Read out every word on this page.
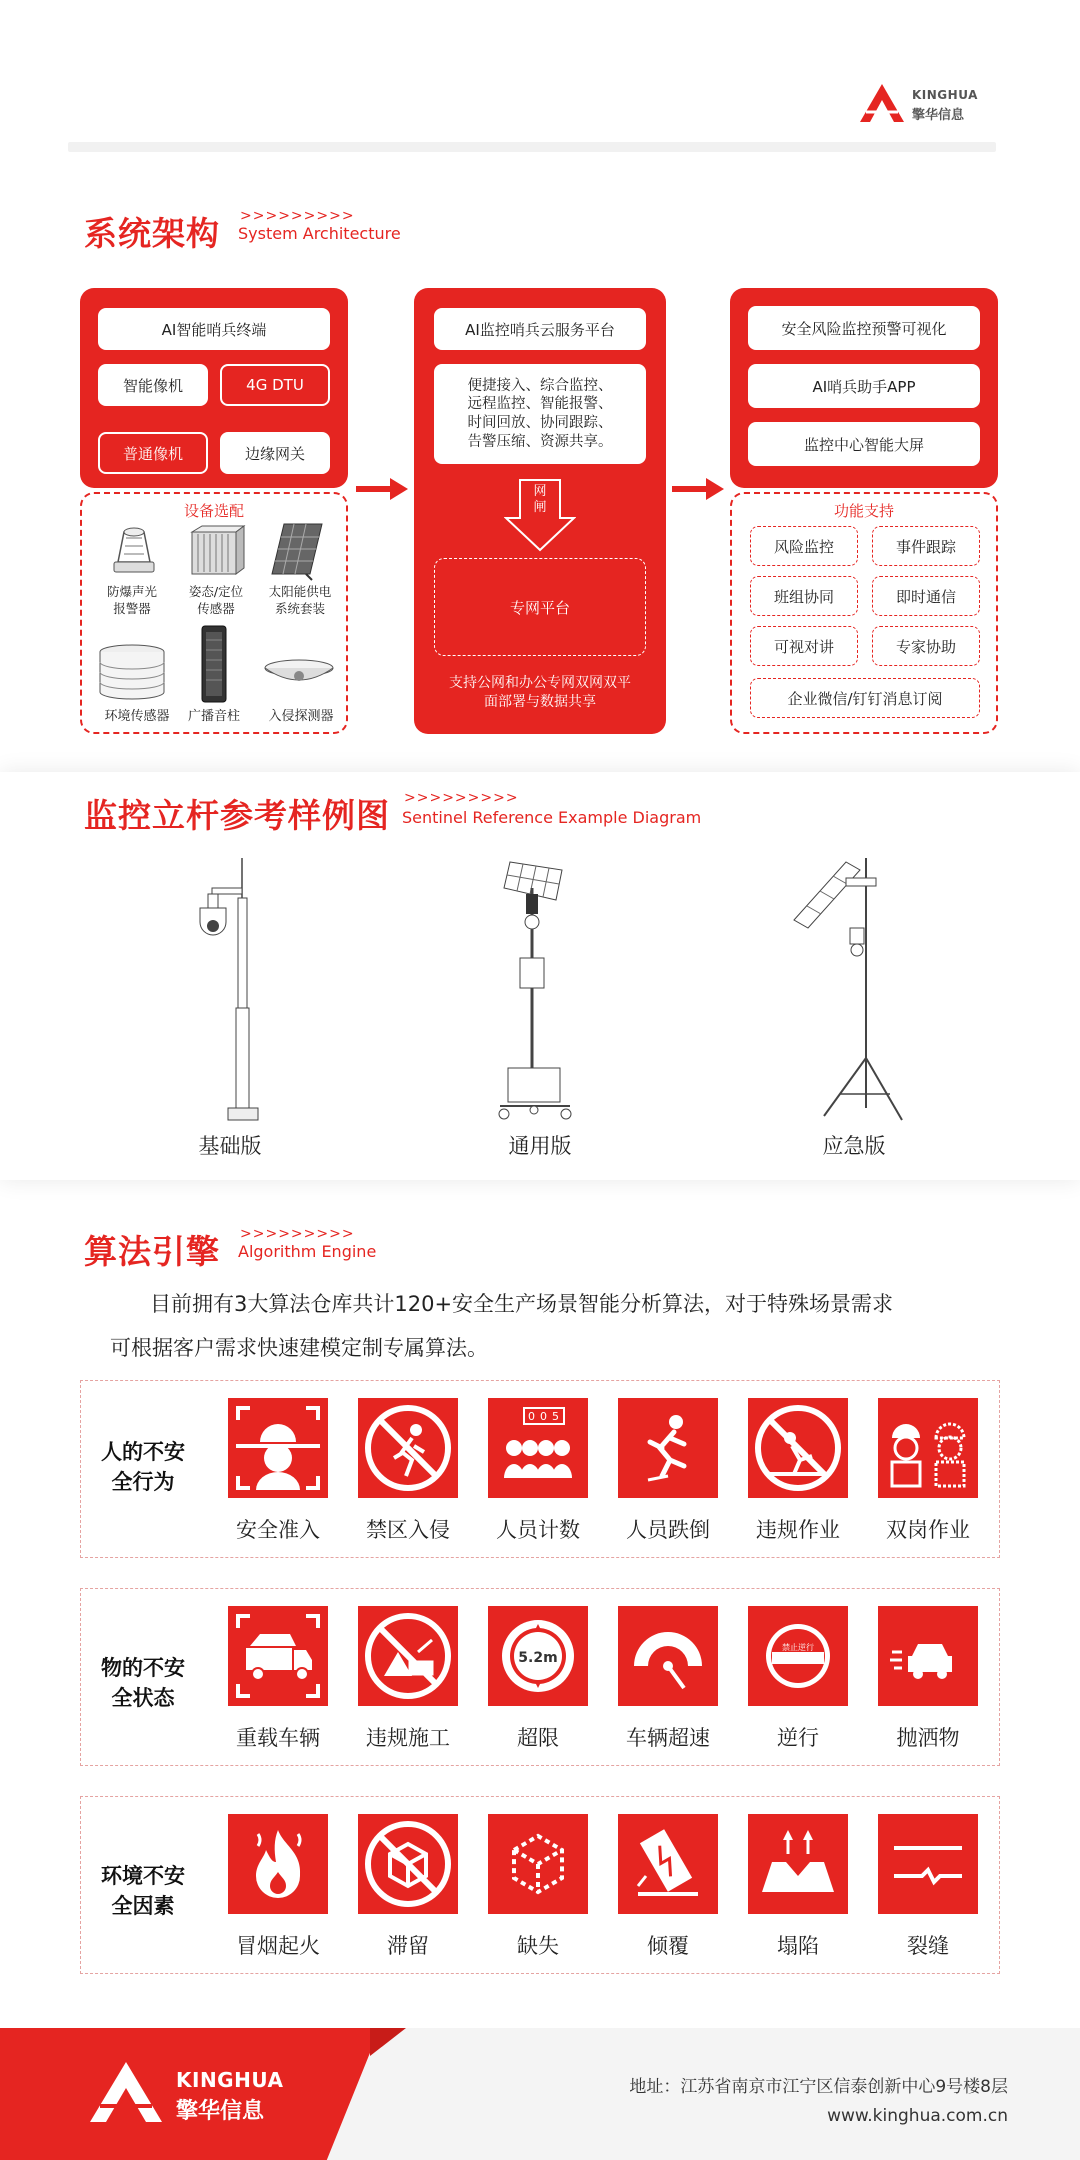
KINGHUA
擎华信息
系统架构 >>>>>>>>>
System Architecture
AI智能哨兵终端
智能像机	4G DTU
普通像机	边缘网关
设备选配
防爆声光
报警器
姿态/定位
传感器
太阳能供电
系统套装
环境传感器	广播音柱	入侵探测器
AI监控哨兵云服务平台
便捷接入、综合监控、
远程监控、智能报警、
时间回放、协同跟踪、
告警压缩、资源共享。
网
闸
专网平台
支持公网和办公专网双网双平
面部署与数据共享
安全风险监控预警可视化
AI哨兵助手APP
监控中心智能大屏
功能支持
风险监控	事件跟踪
班组协同	即时通信
可视对讲	专家协助
企业微信/钉钉消息订阅
监控立杆参考样例图 >>>>>>>>>
Sentinel Reference Example Diagram
基础版	通用版	应急版
算法引擎 >>>>>>>>>
Algorithm Engine
目前拥有3大算法仓库共计120+安全生产场景智能分析算法，对于特殊场景需求
可根据客户需求快速建模定制专属算法。
人的不安
全行为
0 0 5
安全准入	禁区入侵	人员计数	人员跌倒	违规作业	双岗作业
物的不安
全状态
5.2m
禁止逆行
重载车辆	违规施工	超限	车辆超速	逆行	抛洒物
环境不安
全因素
冒烟起火	滞留	缺失	倾覆	塌陷	裂缝
KINGHUA
擎华信息
地址：江苏省南京市江宁区信泰创新中心9号楼8层
www.kinghua.com.cn
